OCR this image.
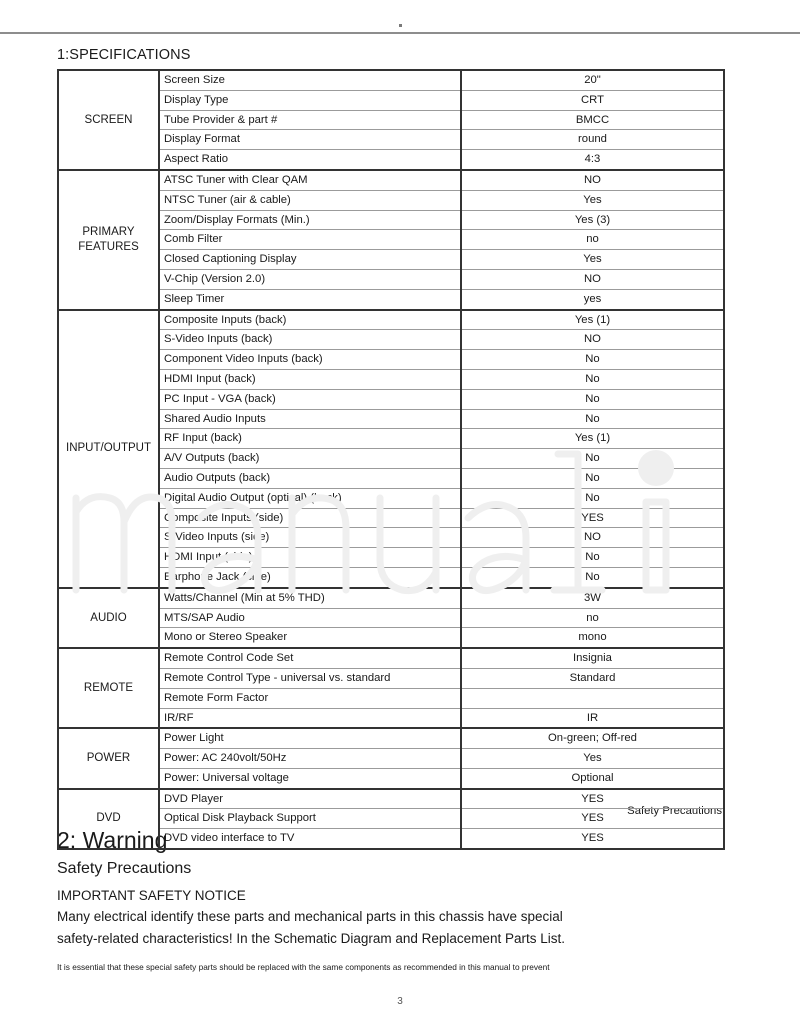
1:SPECIFICATIONS
SCREEN	Screen Size	20"
	Display Type	CRT
	Tube Provider & part #	BMCC
	Display Format	round
	Aspect Ratio	4:3
PRIMARY
FEATURES	ATSC Tuner with Clear QAM	NO
	NTSC Tuner (air & cable)	Yes
	Zoom/Display Formats (Min.)	Yes (3)
	Comb Filter	no
	Closed Captioning Display	Yes
	V-Chip (Version 2.0)	NO
	Sleep Timer	yes
INPUT/OUTPUT	Composite Inputs (back)	Yes (1)
	S-Video Inputs (back)	NO
	Component Video Inputs (back)	No
	HDMI Input (back)	No
	PC Input - VGA (back)	No
	Shared Audio Inputs	No
	RF Input (back)	Yes (1)
	A/V Outputs (back)	No
	Audio Outputs (back)	No
	Digital Audio Output (optical) (back)	No
	Composite Inputs (side)	YES
	S-Video Inputs (side)	NO
	HDMI Input (side)	No
	Earphone Jack (side)	No
AUDIO	Watts/Channel (Min at 5% THD)	3W
	MTS/SAP Audio	no
	Mono or Stereo Speaker	mono
REMOTE	Remote Control Code Set	Insignia
	Remote Control Type - universal vs. standard	Standard
	Remote Form Factor	
	IR/RF	IR
POWER	Power Light	On-green; Off-red
	Power: AC 240volt/50Hz	Yes
	Power: Universal voltage	Optional
DVD	DVD Player	YES
	Optical Disk Playback Support	YES
	DVD video interface to TV	YES
Safety Precautions
2: Warning
Safety Precautions
IMPORTANT SAFETY NOTICE
Many electrical identify these parts and mechanical parts in this chassis have special
safety-related characteristics! In the Schematic Diagram and Replacement Parts List.
It is essential that these special safety parts should be replaced with the same components as recommended in this manual to prevent
3
